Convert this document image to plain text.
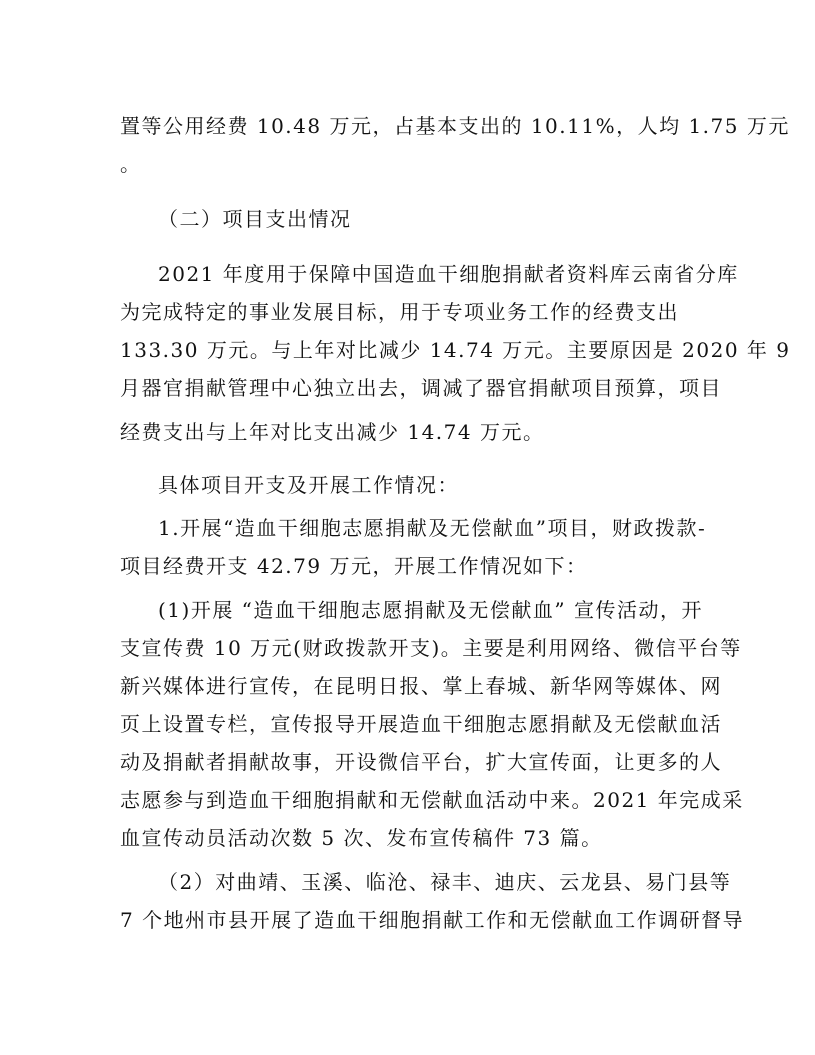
置等公用经费 10.48 万元，占基本支出的 10.11%，人均 1.75 万元
。
（二）项目支出情况
2021 年度用于保障中国造血干细胞捐献者资料库云南省分库
为完成特定的事业发展目标，用于专项业务工作的经费支出
133.30 万元。与上年对比减少 14.74 万元。主要原因是 2020 年 9
月器官捐献管理中心独立出去，调减了器官捐献项目预算，项目
经费支出与上年对比支出减少 14.74 万元。
具体项目开支及开展工作情况：
1.开展“造血干细胞志愿捐献及无偿献血”项目，财政拨款-
项目经费开支 42.79 万元，开展工作情况如下：
(1)开展 “造血干细胞志愿捐献及无偿献血” 宣传活动，开
支宣传费 10 万元(财政拨款开支)。主要是利用网络、微信平台等
新兴媒体进行宣传，在昆明日报、掌上春城、新华网等媒体、网
页上设置专栏，宣传报导开展造血干细胞志愿捐献及无偿献血活
动及捐献者捐献故事，开设微信平台，扩大宣传面，让更多的人
志愿参与到造血干细胞捐献和无偿献血活动中来。2021 年完成采
血宣传动员活动次数 5 次、发布宣传稿件 73 篇。
（2）对曲靖、玉溪、临沧、禄丰、迪庆、云龙县、易门县等
7 个地州市县开展了造血干细胞捐献工作和无偿献血工作调研督导
